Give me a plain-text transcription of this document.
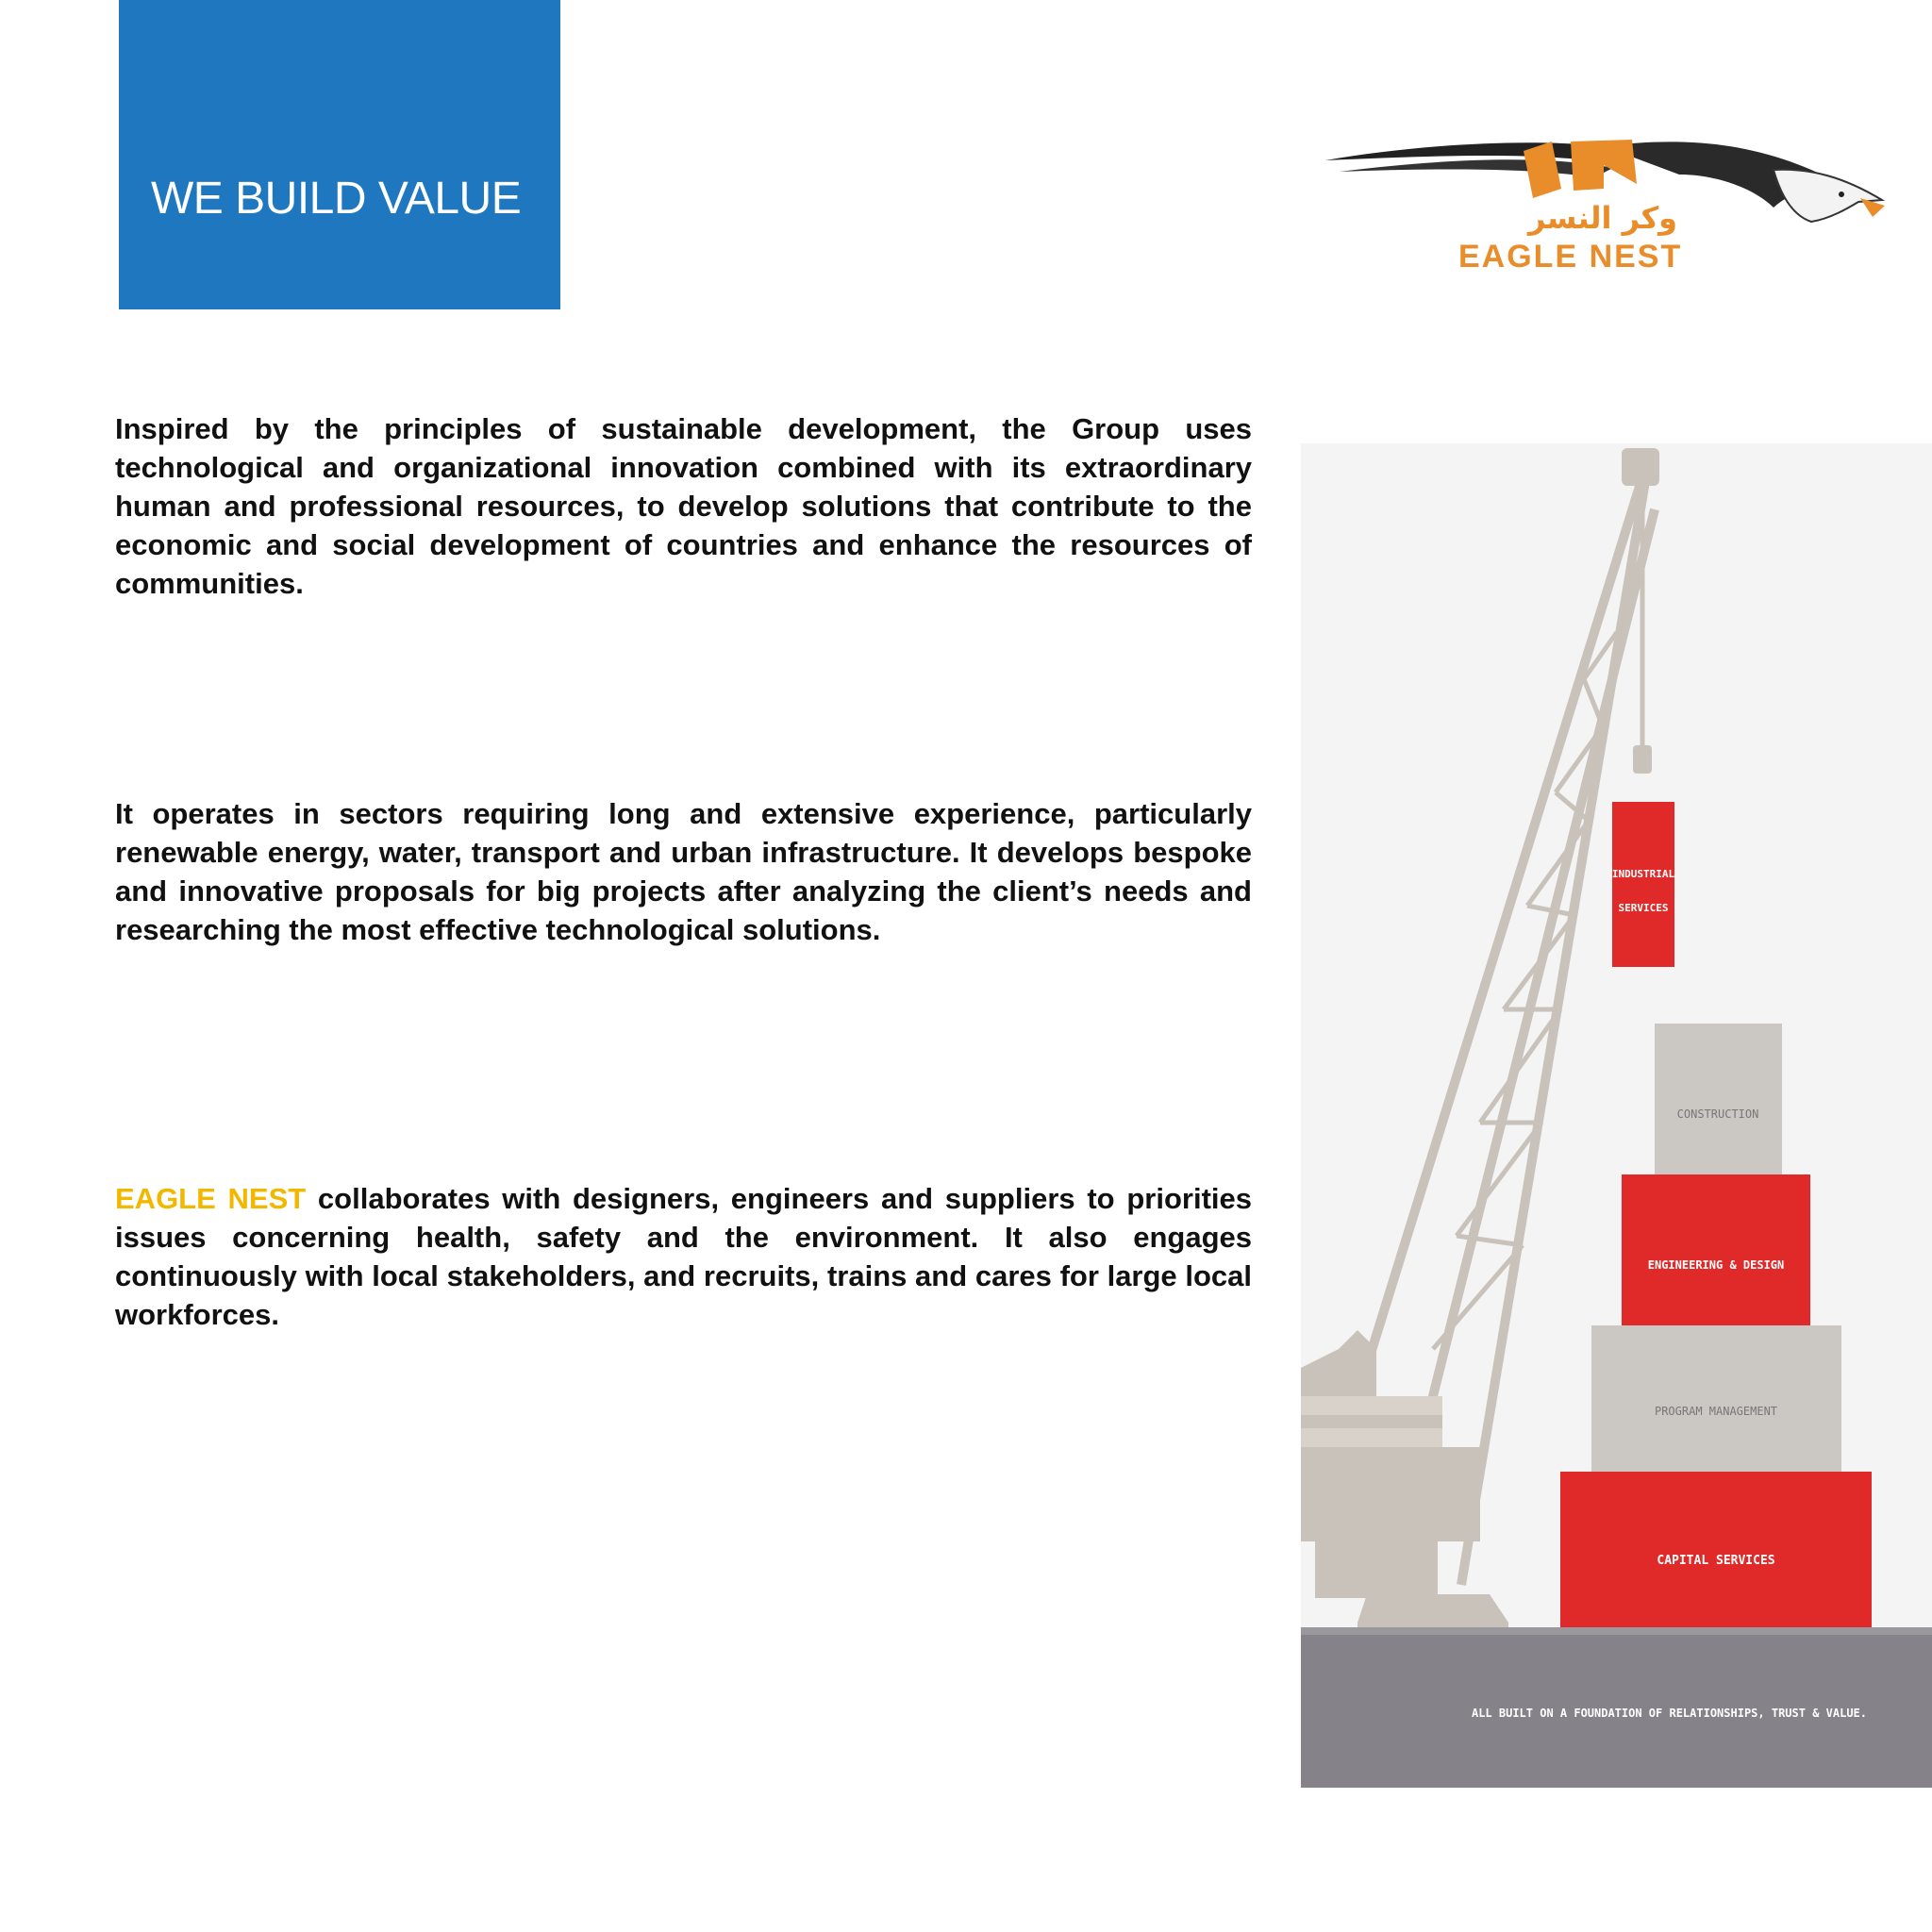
WE BUILD VALUE	وكر النسر
EAGLE NEST

Inspired by the principles of sustainable development, the Group uses technological and organizational innovation combined with its extraordinary human and professional resources, to develop solutions that contribute to the economic and social development of countries and enhance the resources of communities.

It operates in sectors requiring long and extensive experience, particularly renewable energy, water, transport and urban infrastructure. It develops bespoke and innovative proposals for big projects after analyzing the client’s needs and researching the most effective technological solutions.

EAGLE NEST collaborates with designers, engineers and suppliers to priorities issues concerning health, safety and the environment. It also engages continuously with local stakeholders, and recruits, trains and cares for large local workforces.

INDUSTRIAL
SERVICES
CONSTRUCTION
ENGINEERING & DESIGN
PROGRAM MANAGEMENT
CAPITAL SERVICES
ALL BUILT ON A FOUNDATION OF RELATIONSHIPS, TRUST & VALUE.
